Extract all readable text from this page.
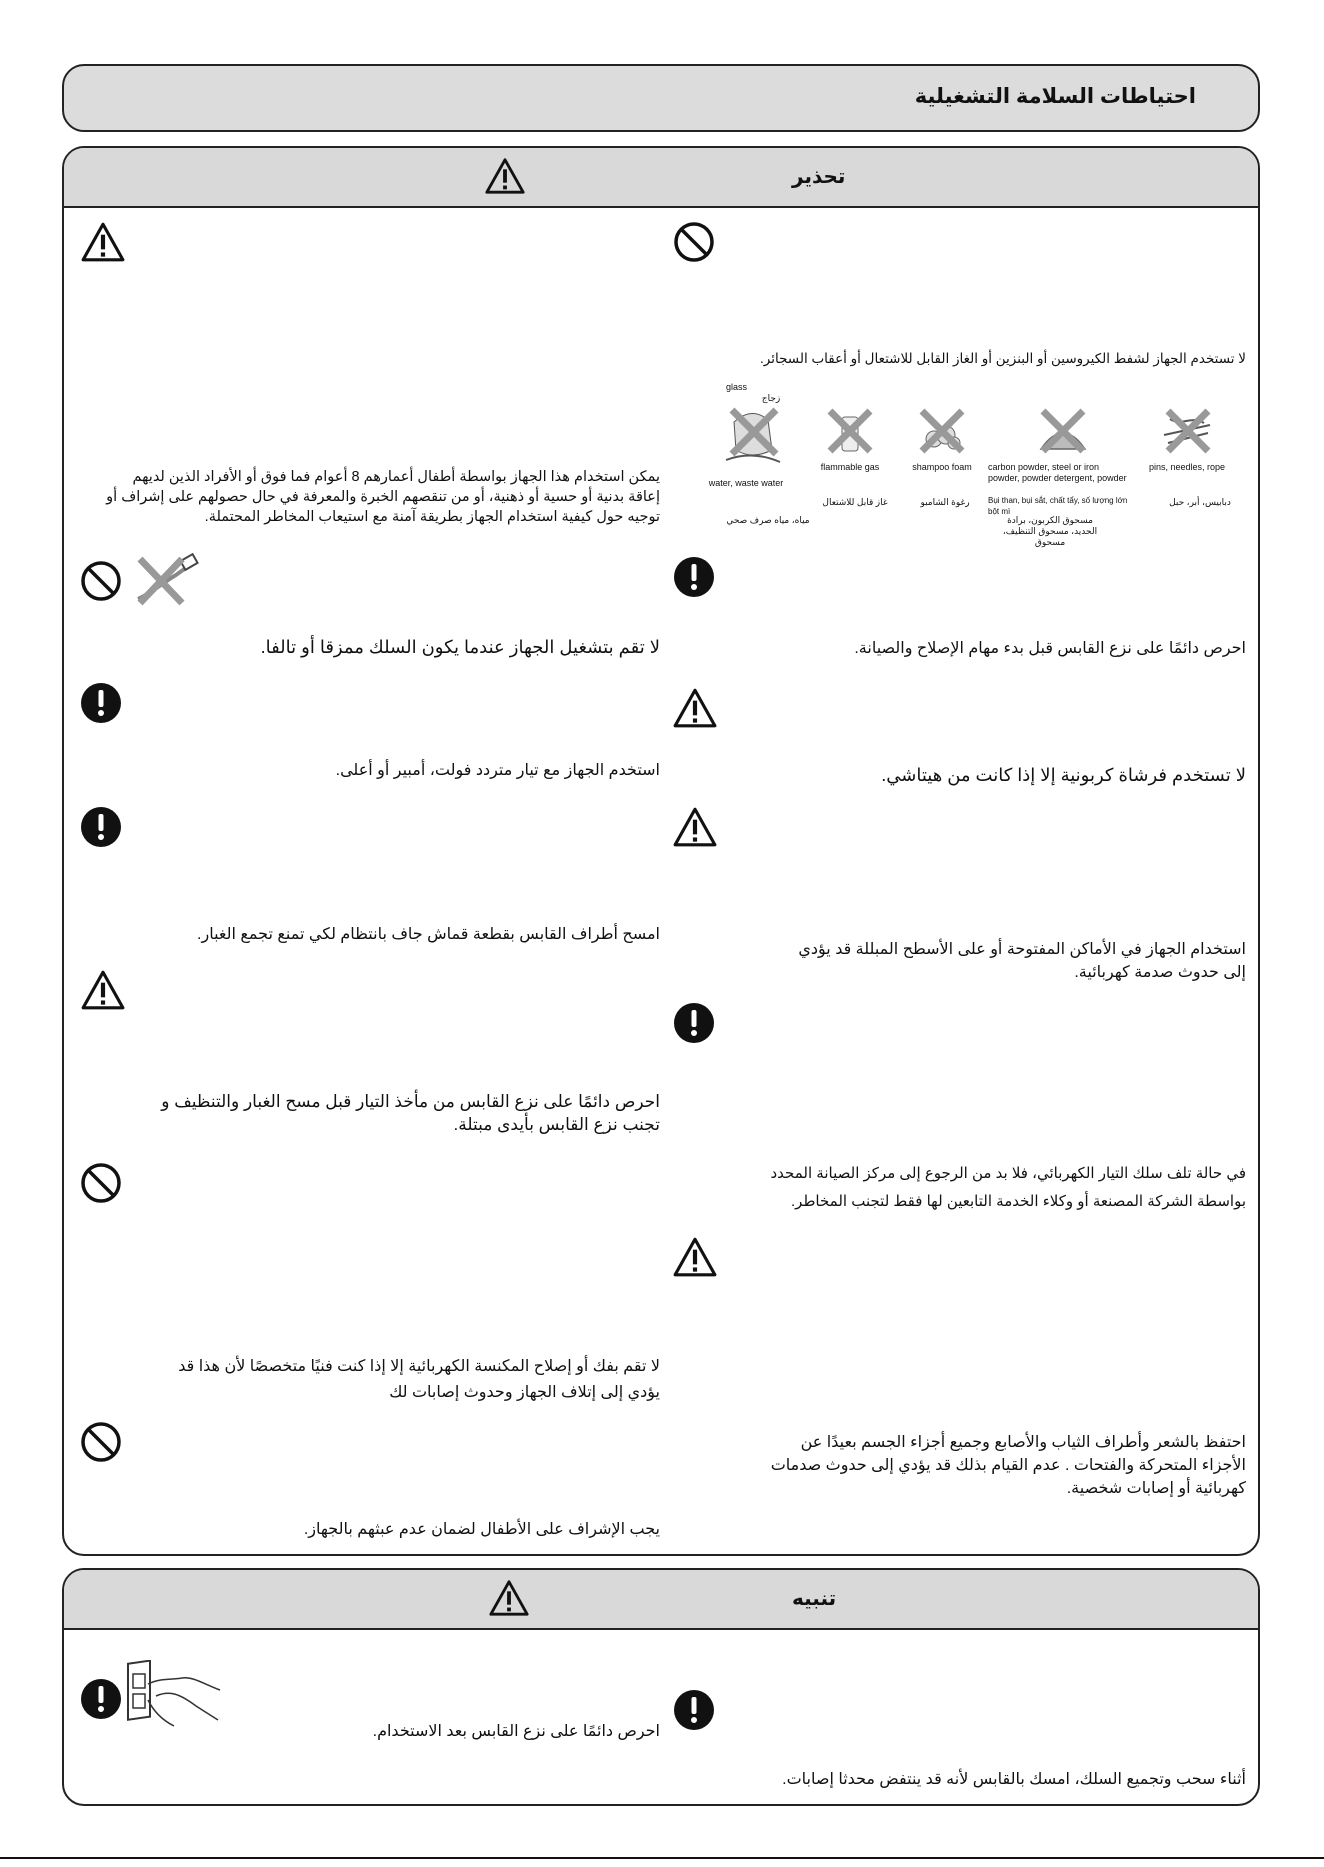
احتياطات السلامة التشغيلية
تحذير
يمكن استخدام هذا الجهاز بواسطة أطفال أعمارهم 8 أعوام فما فوق أو الأفراد الذين لديهم إعاقة بدنية أو حسية أو ذهنية، أو من تنقصهم الخبرة والمعرفة في حال حصولهم على إشراف أو توجيه حول كيفية استخدام الجهاز بطريقة آمنة مع استيعاب المخاطر المحتملة.
لا تقم بتشغيل الجهاز عندما يكون السلك ممزقا أو تالفا.
استخدم الجهاز مع تيار متردد فولت، أمبير أو أعلى.
امسح أطراف القابس بقطعة قماش جاف بانتظام لكي تمنع تجمع الغبار.
احرص دائمًا على نزع القابس من مأخذ التيار قبل مسح الغبار والتنظيف و تجنب نزع القابس بأيدى مبتلة.
لا تقم بفك أو إصلاح المكنسة الكهربائية إلا إذا كنت فنيًا متخصصًا لأن هذا قد يؤدي إلى إتلاف الجهاز وحدوث إصابات لك
يجب الإشراف على الأطفال لضمان عدم عبثهم بالجهاز.
لا تستخدم الجهاز لشفط الكيروسين أو البنزين أو الغاز القابل للاشتعال أو أعقاب السجائر.
pins, needles, rope
دبابيس، أبر، حبل
carbon powder, steel or iron powder, powder detergent, powder
Bụi than, bụi sắt, chất tẩy, số lượng lớn bột mì
مسحوق الكربون، برادة الحديد، مسحوق التنظيف، مسحوق
shampoo foam
رغوة الشامبو
flammable gas
غاز قابل للاشتعال
glass
زجاج
water, waste water
مياه، مياه صرف صحي
احرص دائمًا على نزع القابس قبل بدء مهام الإصلاح والصيانة.
لا تستخدم فرشاة كربونية إلا إذا كانت من هيتاشي.
استخدام الجهاز في الأماكن المفتوحة أو على الأسطح المبللة قد يؤدي إلى حدوث صدمة كهربائية.
في حالة تلف سلك التيار الكهربائي، فلا بد من الرجوع إلى مركز الصيانة المحدد بواسطة الشركة المصنعة أو وكلاء الخدمة التابعين لها فقط لتجنب المخاطر.
احتفظ بالشعر وأطراف الثياب والأصابع وجميع أجزاء الجسم بعيدًا عن الأجزاء المتحركة والفتحات . عدم القيام بذلك قد يؤدي إلى حدوث صدمات كهربائية أو إصابات شخصية.
تنبيه
احرص دائمًا على نزع القابس بعد الاستخدام.
أثناء سحب وتجميع السلك، امسك بالقابس لأنه قد ينتفض محدثا إصابات.
